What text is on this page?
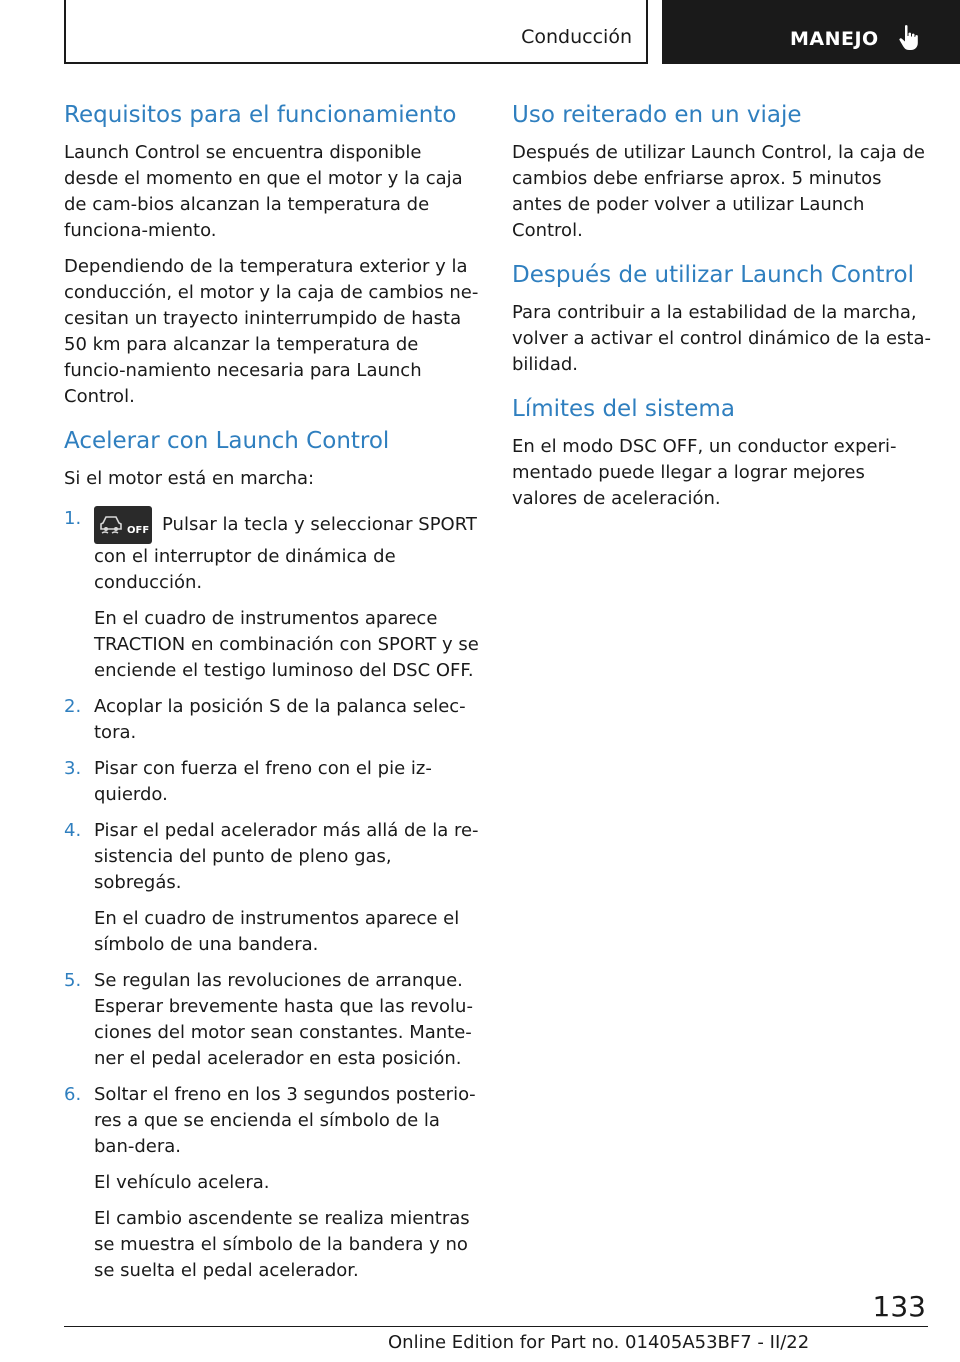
Conducción	MANEJO
Requisitos para el funcionamiento

Launch Control se encuentra disponible desde el momento en que el motor y la caja de cam‐bios alcanzan la temperatura de funciona‐miento.

Dependiendo de la temperatura exterior y la conducción, el motor y la caja de cambios ne‐cesitan un trayecto ininterrumpido de hasta 50 km para alcanzar la temperatura de funcio‐namiento necesaria para Launch Control.

Acelerar con Launch Control

Si el motor está en marcha:

1.

OFF Pulsar la tecla y seleccionar SPORT con el interruptor de dinámica de conducción.

En el cuadro de instrumentos aparece TRACTION en combinación con SPORT y se enciende el testigo luminoso del DSC OFF.

2. Acoplar la posición S de la palanca selec‐tora.

3. Pisar con fuerza el freno con el pie iz‐quierdo.

4. Pisar el pedal acelerador más allá de la re‐sistencia del punto de pleno gas, sobregás.

En el cuadro de instrumentos aparece el símbolo de una bandera.

5. Se regulan las revoluciones de arranque. Esperar brevemente hasta que las revolu‐ciones del motor sean constantes. Mante‐ner el pedal acelerador en esta posición.

6. Soltar el freno en los 3 segundos posterio‐res a que se encienda el símbolo de la ban‐dera.

El vehículo acelera.

El cambio ascendente se realiza mientras se muestra el símbolo de la bandera y no se suelta el pedal acelerador.

Uso reiterado en un viaje

Después de utilizar Launch Control, la caja de cambios debe enfriarse aprox. 5 minutos antes de poder volver a utilizar Launch Control.

Después de utilizar Launch Control

Para contribuir a la estabilidad de la marcha, volver a activar el control dinámico de la esta‐bilidad.

Límites del sistema

En el modo DSC OFF, un conductor experi‐mentado puede llegar a lograr mejores valores de aceleración.

133
Online Edition for Part no. 01405A53BF7 - II/22
